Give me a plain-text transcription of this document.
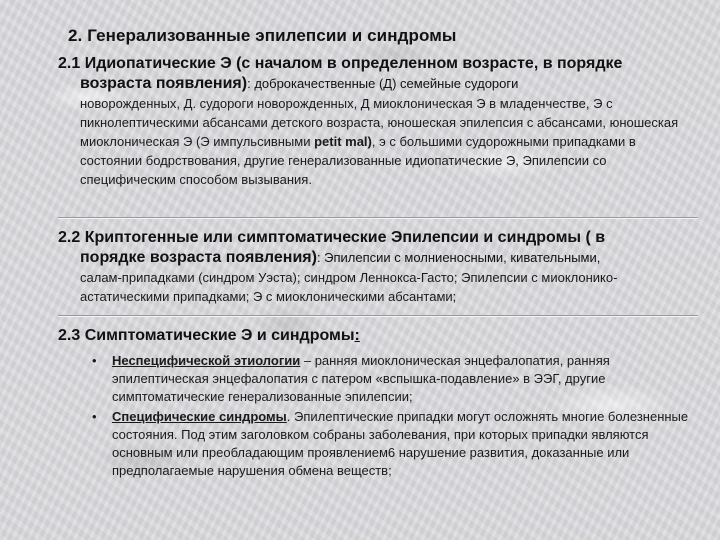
2. Генерализованные эпилепсии и синдромы
2.1 Идиопатические Э (с началом в определенном возрасте, в порядке
возраста появления): доброкачественные (Д) семейные судороги
новорожденных, Д. судороги новорожденных, Д миоклоническая Э в младенчестве, Э с пикнолептическими абсансами детского возраста, юношеская эпилепсия с абсансами, юношеская миоклоническая Э (Э импульсивными petit mal), э с большими судорожными припадками в состоянии бодрствования, другие генерализованные идиопатические Э, Эпилепсии со специфическим способом вызывания.
2.2 Криптогенные или симптоматические Эпилепсии и синдромы ( в
порядке возраста появления): Эпилепсии с молниеносными, кивательными,
салам-припадками (синдром Уэста); синдром Леннокса-Гасто; Эпилепсии с миоклонико-астатическими припадками; Э с миоклоническими абсантами;
2.3 Симптоматические Э и синдромы:
• Неспецифической этиологии – ранняя миоклоническая энцефалопатия, ранняя эпилептическая энцефалопатия с патером «вспышка-подавление» в ЭЭГ, другие симптоматические генерализованные эпилепсии;
• Специфические синдромы. Эпилептические припадки могут осложнять многие болезненные состояния. Под этим заголовком собраны заболевания, при которых припадки являются основным или преобладающим проявлением6 нарушение развития, доказанные или предполагаемые нарушения обмена веществ;
